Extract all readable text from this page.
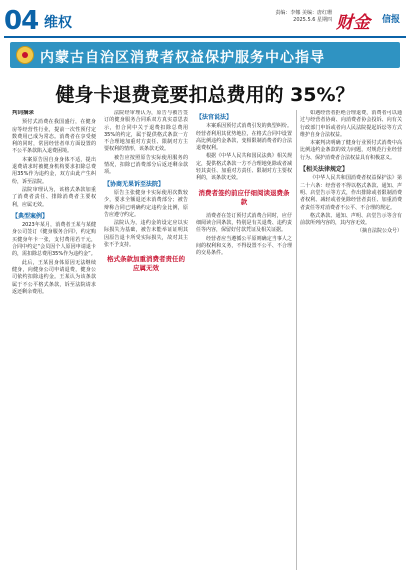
04 维权
责编：李娜 美编：唐红珊
2025.5.6 星期四 财金 信报
内蒙古自治区消费者权益保护服务中心指导
健身卡退费竟要扣总费用的 35%？
判词摘录

预付式消费在我国盛行，在健身房等经营性行业，提前一次性预付定数费用已成为常态。消费者在享受便利的同时，常因经营者单方面设置的不公平条款陷入退费困境。

本案原告因自身身体不适，提出退费请求时被健身机构要求扣除总费用35%作为违约金，双方由此产生纠纷，诉至法院。

法院审理认为，该格式条款加重了消费者责任、排除消费者主要权利，应属无效。

【典型案例】

2023年某月，消费者王某与某健身公司签订《健身服务合同》，约定购买健身年卡一张，支付费用若干元，合同中约定“会员因个人原因申请退卡的，需扣除总费用35%作为违约金”。

此后，王某因身体原因无法继续健身，向健身公司申请退费，健身公司依约扣除违约金。王某认为该条款属于不公平格式条款，诉至法院请求返还剩余费用。

法院经审理认为，原告与被告签订的健身服务合同系双方真实意思表示，但合同中关于退费扣除总费用35%的约定，属于提供格式条款一方不合理地加重对方责任、限制对方主要权利的情形，该条款无效。

被告应按照原告实际使用服务的情况，扣除已消费部分后返还剩余款项。

【协商无果诉至法院】

原告主张健身卡实际使用次数较少，要求全额退还未消费部分；被告辩称合同已明确约定违约金比例，原告应遵守约定。

法院认为，违约金的设定应以实际损失为基础，被告未能举证证明其因原告退卡所受实际损失，故对其主张不予支持。

格式条款加重消费者责任的应属无效
【法官说法】

本案系因预付式消费引发的典型纠纷。经营者利用其优势地位，在格式合同中设置高比例违约金条款，变相限制消费者的合法退费权利。

根据《中华人民共和国民法典》相关规定，提供格式条款一方不合理地免除或者减轻其责任、加重对方责任、限制对方主要权利的，该条款无效。

消费者签约前应仔细阅读退费条款

消费者在签订预付式消费合同时，应仔细阅读合同条款，特别是有关退费、违约责任等内容，保留好付款凭证及相关证据。

经营者应当遵循公平原则确定当事人之间的权利和义务，不得设置不公平、不合理的交易条件。

如遇经营者拒绝合理退费，消费者可以通过与经营者协商、向消费者协会投诉、向有关行政部门申诉或者向人民法院提起诉讼等方式维护自身合法权益。

本案判决明确了健身行业预付式消费中高比例违约金条款的效力问题，对规范行业经营行为、保护消费者合法权益具有积极意义。

【相关法律规定】

《中华人民共和国消费者权益保护法》第二十六条：经营者不得以格式条款、通知、声明、店堂告示等方式，作出排除或者限制消费者权利、减轻或者免除经营者责任、加重消费者责任等对消费者不公平、不合理的规定。

格式条款、通知、声明、店堂告示等含有前款所列内容的，其内容无效。

（摘自法院公众号）
